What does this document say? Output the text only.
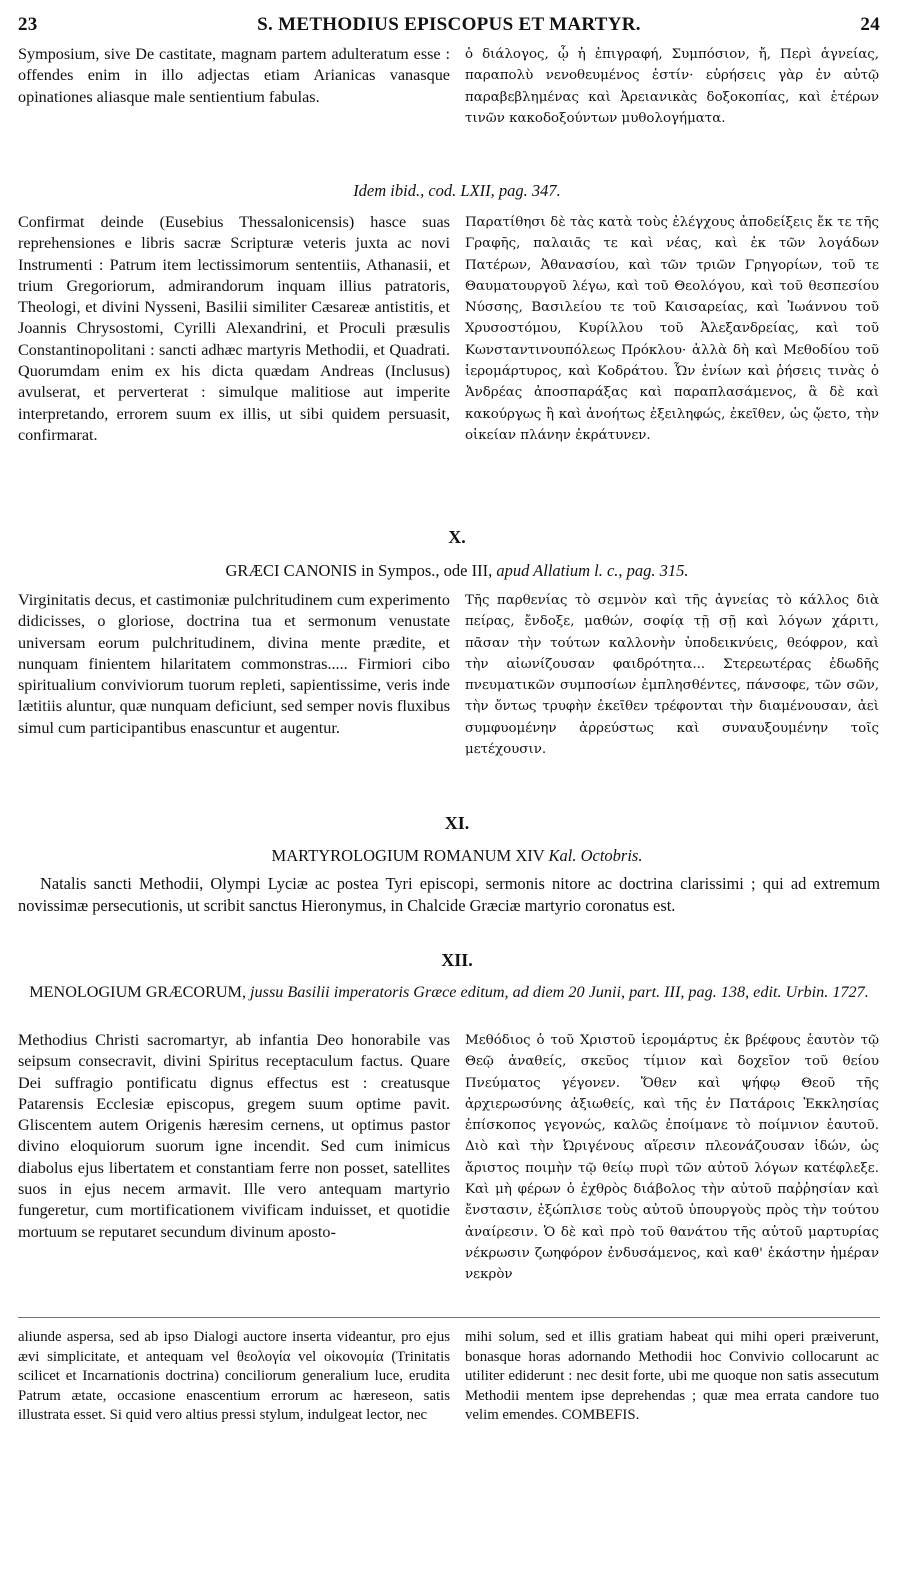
23	S. METHODIUS EPISCOPUS ET MARTYR.	24
Symposium, sive De castitate, magnam partem adulteratum esse : offendes enim in illo adjectas etiam Arianicas vanasque opinationes aliasque male sentientium fabulas.
ὁ διάλογος, ᾧ ἡ ἐπιγραφή, Συμπόσιον, ἤ, Περὶ ἁγνείας, παραπολὺ νενοθευμένος ἐστίν· εὑρήσεις γὰρ ἐν αὐτῷ παραβεβλημένας καὶ Ἀρειανικὰς δοξοκοπίας, καὶ ἑτέρων τινῶν κακοδοξούντων μυθολογήματα.
Idem ibid., cod. LXII, pag. 347.
Confirmat deinde (Eusebius Thessalonicensis) hasce suas reprehensiones e libris sacræ Scripturæ veteris juxta ac novi Instrumenti : Patrum item lectissimorum sententiis, Athanasii, et trium Gregoriorum, admirandorum inquam illius patratoris, Theologi, et divini Nysseni, Basilii similiter Cæsareæ antistitis, et Joannis Chrysostomi, Cyrilli Alexandrini, et Proculi præsulis Constantinopolitani : sancti adhæc martyris Methodii, et Quadrati. Quorumdam enim ex his dicta quædam Andreas (Inclusus) avulserat, et perverterat : simulque malitiose aut imperite interpretando, errorem suum ex illis, ut sibi quidem persuasit, confirmarat.
Παρατίθησι δὲ τὰς κατὰ τοὺς ἐλέγχους ἀποδείξεις ἔκ τε τῆς Γραφῆς, παλαιᾶς τε καὶ νέας, καὶ ἐκ τῶν λογάδων Πατέρων, Ἀθανασίου, καὶ τῶν τριῶν Γρηγορίων, τοῦ τε Θαυματουργοῦ λέγω, καὶ τοῦ Θεολόγου, καὶ τοῦ θεσπεσίου Νύσσης, Βασιλείου τε τοῦ Καισαρείας, καὶ Ἰωάννου τοῦ Χρυσοστόμου, Κυρίλλου τοῦ Ἀλεξανδρείας, καὶ τοῦ Κωνσταντινουπόλεως Πρόκλου· ἀλλὰ δὴ καὶ Μεθοδίου τοῦ ἱερομάρτυρος, καὶ Κοδράτου. Ὧν ἐνίων καὶ ῥήσεις τινὰς ὁ Ἀνδρέας ἀποσπαράξας καὶ παραπλασάμενος, ἃ δὲ καὶ κακούργως ἢ καὶ ἀνοήτως ἐξειληφώς, ἐκεῖθεν, ὡς ᾤετο, τὴν οἰκείαν πλάνην ἐκράτυνεν.
X.
GRÆCI CANONIS in Sympos., ode III, apud Allatium l. c., pag. 315.
Virginitatis decus, et castimoniæ pulchritudinem cum experimento didicisses, o gloriose, doctrina tua et sermonum venustate universam eorum pulchritudinem, divina mente prædite, et nunquam finientem hilaritatem commonstras..... Firmiori cibo spiritualium conviviorum tuorum repleti, sapientissime, veris inde lætitiis aluntur, quæ nunquam deficiunt, sed semper novis fluxibus simul cum participantibus enascuntur et augentur.
Τῆς παρθενίας τὸ σεμνὸν καὶ τῆς ἁγνείας τὸ κάλλος διὰ πείρας, ἔνδοξε, μαθών, σοφίᾳ τῇ σῇ καὶ λόγων χάριτι, πᾶσαν τὴν τούτων καλλονὴν ὑποδεικνύεις, θεόφρον, καὶ τὴν αἰωνίζουσαν φαιδρότητα... Στερεωτέρας ἐδωδῆς πνευματικῶν συμποσίων ἐμπλησθέντες, πάνσοφε, τῶν σῶν, τὴν ὄντως τρυφὴν ἐκεῖθεν τρέφονται τὴν διαμένουσαν, ἀεὶ συμφυομένην ἀρρεύστως καὶ συναυξουμένην τοῖς μετέχουσιν.
XI.
MARTYROLOGIUM ROMANUM XIV Kal. Octobris.
Natalis sancti Methodii, Olympi Lyciæ ac postea Tyri episcopi, sermonis nitore ac doctrina clarissimi ; qui ad extremum novissimæ persecutionis, ut scribit sanctus Hieronymus, in Chalcide Græciæ martyrio coronatus est.
XII.
MENOLOGIUM GRÆCORUM, jussu Basilii imperatoris Græce editum, ad diem 20 Junii, part. III, pag. 138, edit. Urbin. 1727.
Methodius Christi sacromartyr, ab infantia Deo honorabile vas seipsum consecravit, divini Spiritus receptaculum factus. Quare Dei suffragio pontificatu dignus effectus est : creatusque Patarensis Ecclesiæ episcopus, gregem suum optime pavit. Gliscentem autem Origenis hæresim cernens, ut optimus pastor divino eloquiorum suorum igne incendit. Sed cum inimicus diabolus ejus libertatem et constantiam ferre non posset, satellites suos in ejus necem armavit. Ille vero antequam martyrio fungeretur, cum mortificationem vivificam induisset, et quotidie mortuum se reputaret secundum divinum aposto-
Μεθόδιος ὁ τοῦ Χριστοῦ ἱερομάρτυς ἐκ βρέφους ἑαυτὸν τῷ Θεῷ ἀναθείς, σκεῦος τίμιον καὶ δοχεῖον τοῦ θείου Πνεύματος γέγονεν. Ὅθεν καὶ ψήφῳ Θεοῦ τῆς ἀρχιερωσύνης ἀξιωθείς, καὶ τῆς ἐν Πατάροις Ἐκκλησίας ἐπίσκοπος γεγονώς, καλῶς ἐποίμανε τὸ ποίμνιον ἑαυτοῦ. Διὸ καὶ τὴν Ὠριγένους αἵρεσιν πλεονάζουσαν ἰδών, ὡς ἄριστος ποιμὴν τῷ θείῳ πυρὶ τῶν αὐτοῦ λόγων κατέφλεξε. Καὶ μὴ φέρων ὁ ἐχθρὸς διάβολος τὴν αὐτοῦ παῤῥησίαν καὶ ἔνστασιν, ἐξώπλισε τοὺς αὐτοῦ ὑπουργοὺς πρὸς τὴν τούτου ἀναίρεσιν. Ὁ δὲ καὶ πρὸ τοῦ θανάτου τῆς αὐτοῦ μαρτυρίας νέκρωσιν ζωηφόρον ἐνδυσάμενος, καὶ καθ' ἑκάστην ἡμέραν νεκρὸν
aliunde aspersa, sed ab ipso Dialogi auctore inserta videantur, pro ejus ævi simplicitate, et antequam vel θεολογία vel οἰκονομία (Trinitatis scilicet et Incarnationis doctrina) conciliorum generalium luce, erudita Patrum ætate, occasione enascentium errorum ac hæreseon, satis illustrata esset. Si quid vero altius pressi stylum, indulgeat lector, nec
mihi solum, sed et illis gratiam habeat qui mihi operi præiverunt, bonasque horas adornando Methodii hoc Convivio collocarunt ac utiliter ediderunt : nec desit forte, ubi me quoque non satis assecutum Methodii mentem ipse deprehendas ; quæ mea errata candore tuo velim emendes. COMBEFIS.
